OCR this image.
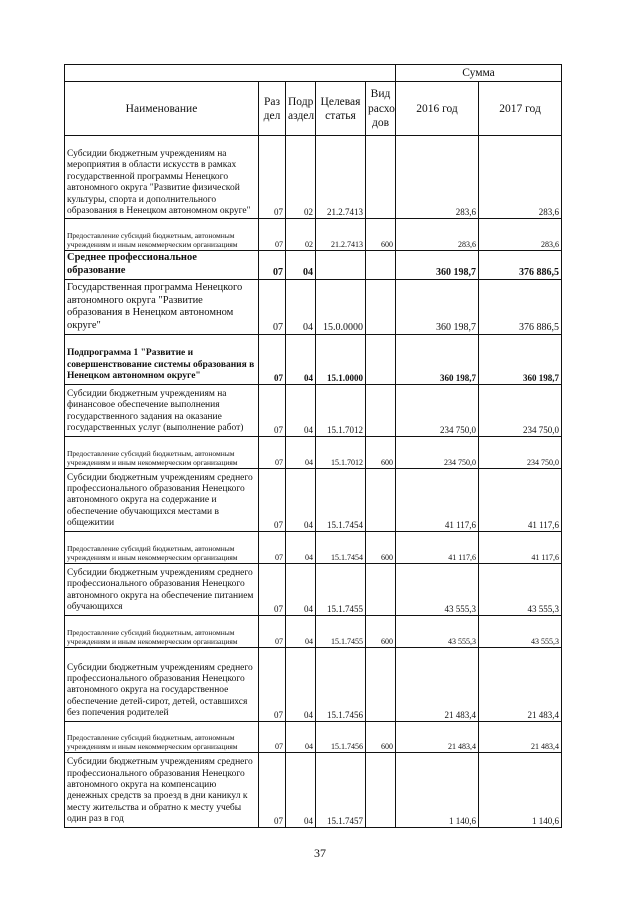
					Сумма	
Наименование	Раз дел	Подр аздел	Целевая статья	Вид расхо дов	2016 год	2017 год
Субсидии бюджетным учреждениям на мероприятия в области искусств в рамках государственной программы Ненецкого автономного округа "Развитие физической культуры, спорта и дополнительного образования в Ненецком автономном округе"	07	02	21.2.7413		283,6	283,6
Предоставление субсидий бюджетным, автономным учреждениям и иным некоммерческим организациям	07	02	21.2.7413	600	283,6	283,6
Среднее профессиональное образование	07	04			360 198,7	376 886,5
Государственная программа Ненецкого автономного округа "Развитие образования в Ненецком автономном округе"	07	04	15.0.0000		360 198,7	376 886,5
Подпрограмма 1 "Развитие и совершенствование системы образования в Ненецком автономном округе"	07	04	15.1.0000		360 198,7	360 198,7
Субсидии бюджетным учреждениям на финансовое обеспечение выполнения государственного задания на оказание государственных услуг (выполнение работ)	07	04	15.1.7012		234 750,0	234 750,0
Предоставление субсидий бюджетным, автономным учреждениям и иным некоммерческим организациям	07	04	15.1.7012	600	234 750,0	234 750,0
Субсидии бюджетным учреждениям среднего профессионального образования Ненецкого автономного округа на содержание и обеспечение обучающихся местами в общежитии	07	04	15.1.7454		41 117,6	41 117,6
Предоставление субсидий бюджетным, автономным учреждениям и иным некоммерческим организациям	07	04	15.1.7454	600	41 117,6	41 117,6
Субсидии бюджетным учреждениям среднего профессионального образования Ненецкого автономного округа на обеспечение питанием обучающихся	07	04	15.1.7455		43 555,3	43 555,3
Предоставление субсидий бюджетным, автономным учреждениям и иным некоммерческим организациям	07	04	15.1.7455	600	43 555,3	43 555,3
Субсидии бюджетным учреждениям среднего профессионального образования Ненецкого автономного округа на государственное обеспечение детей-сирот, детей, оставшихся без попечения родителей	07	04	15.1.7456		21 483,4	21 483,4
Предоставление субсидий бюджетным, автономным учреждениям и иным некоммерческим организациям	07	04	15.1.7456	600	21 483,4	21 483,4
Субсидии бюджетным учреждениям среднего профессионального образования Ненецкого автономного округа на компенсацию денежных средств за проезд в дни каникул к месту жительства и обратно к месту учебы один раз в год	07	04	15.1.7457		1 140,6	1 140,6
37
